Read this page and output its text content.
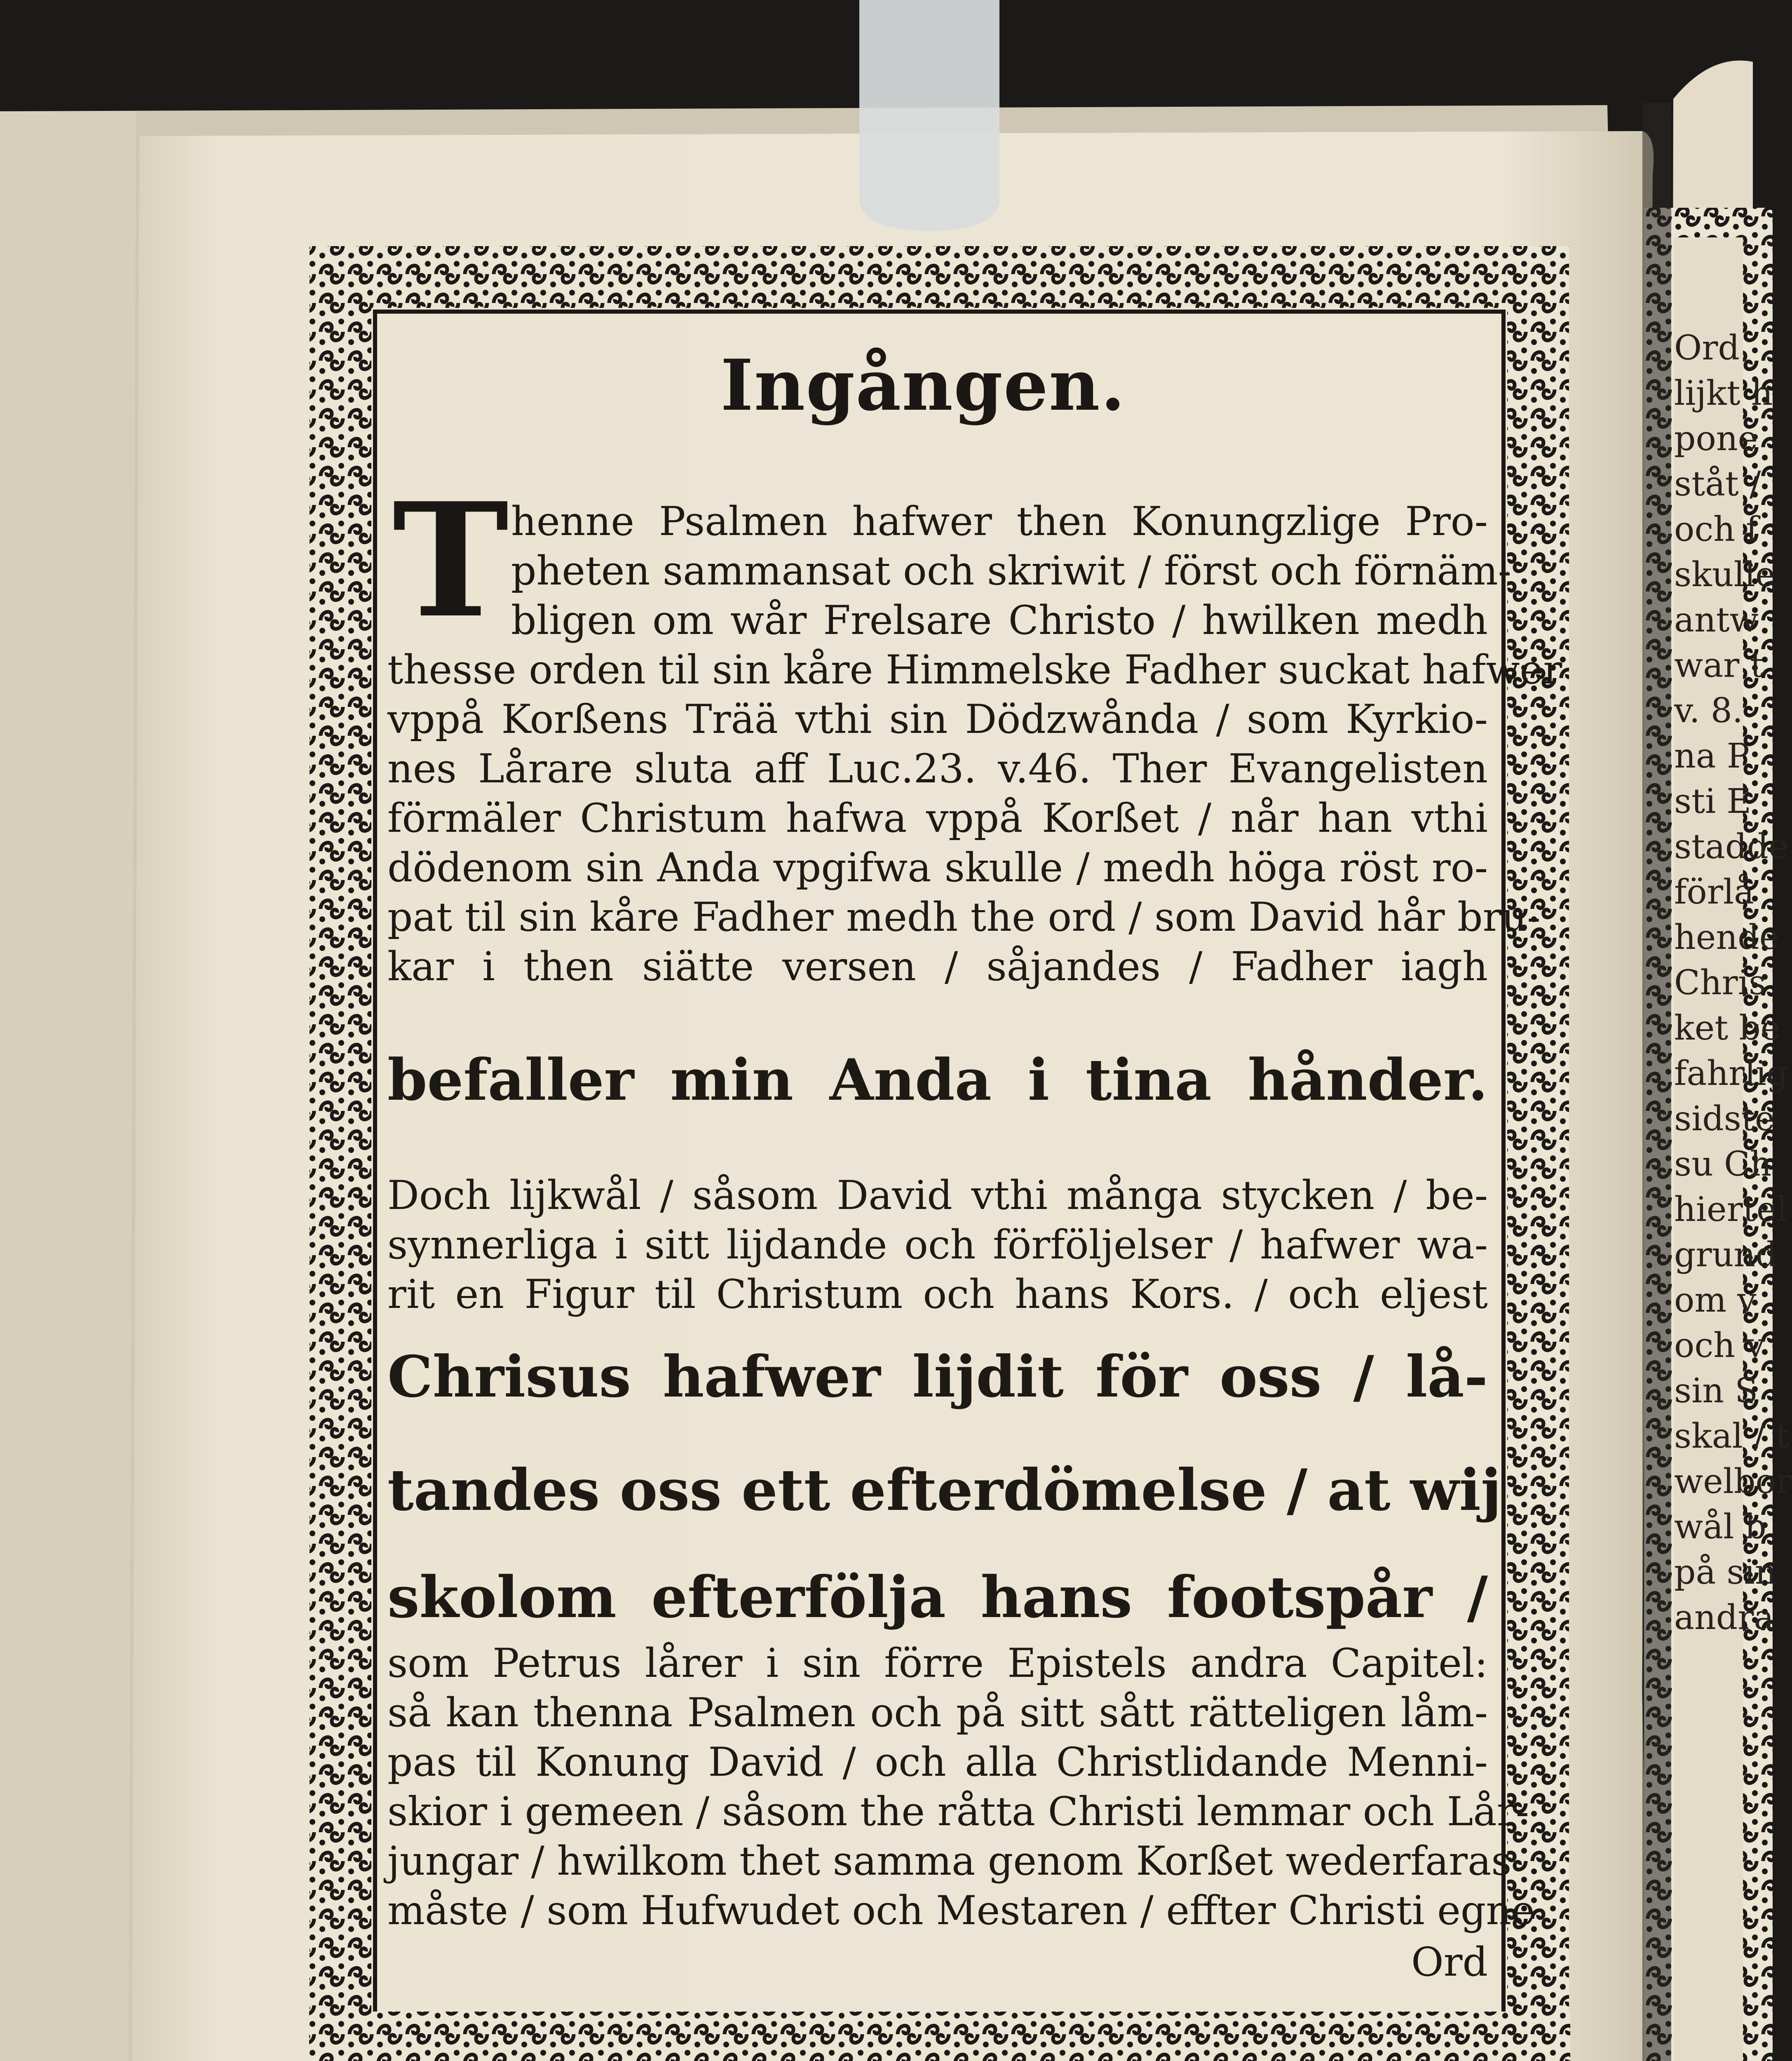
Ingången.
T henne Psalmen hafwer then Konungzlige Pro-
pheten sammansat och skriwit / först och förnäm-
bligen om wår Frelsare Christo / hwilken medh
thesse orden til sin kåre Himmelske Fadher suckat hafwer
vppå Korßens Trää vthi sin Dödzwånda / som Kyrkio-
nes Lårare sluta aff Luc.23. v.46. Ther Evangelisten
förmäler Christum hafwa vppå Korßet / når han vthi
dödenom sin Anda vpgifwa skulle / medh höga röst ro-
pat til sin kåre Fadher medh the ord / som David hår bru-
kar i then siätte versen / såjandes / Fadher iagh
befaller min Anda i tina hånder.
Doch lijkwål / såsom David vthi många stycken / be-
synnerliga i sitt lijdande och förföljelser / hafwer wa-
rit en Figur til Christum och hans Kors. / och eljest
Chrisus hafwer lijdit för oss / lå-
tandes oss ett efterdömelse / at wij
skolom efterfölja hans footspår /
som Petrus lårer i sin förre Epistels andra Capitel:
så kan thenna Psalmen och på sitt sått rätteligen låm-
pas til Konung David / och alla Christlidande Menni-
skior i gemeen / såsom the råtta Christi lemmar och Lår-
jungar / hwilkom thet samma genom Korßet wederfaras
måste / som Hufwudet och Mestaren / effter Christi egne
Ord
Ord
lijkt h
pone
ståt /
och f
skulle
antw
war t
v. 8.
na P
sti E
stadde
förlå
hende
Chris
ket be
fahrlig
sidste
su Ch
hiertel
grund
om v
och v
sin S
skal / t
welbor
wål b
på sin
andra
